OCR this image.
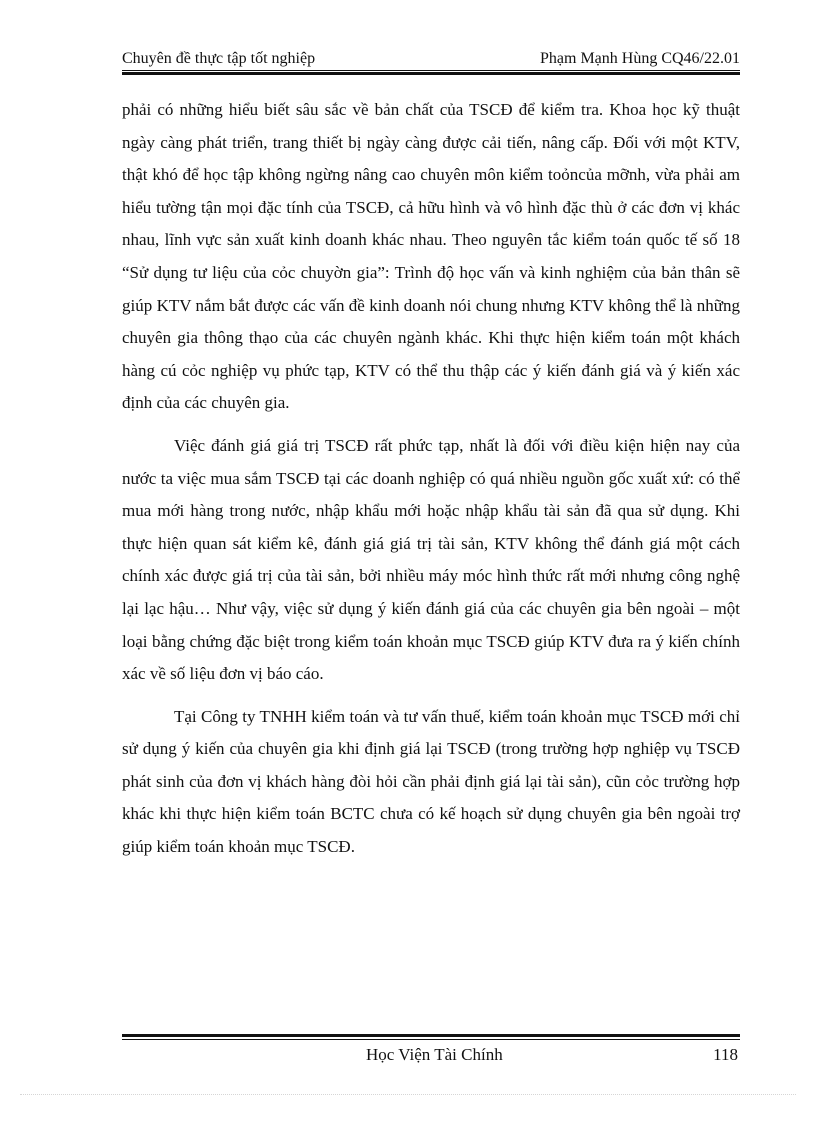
Chuyên đề thực tập tốt nghiệp	Phạm Mạnh Hùng CQ46/22.01

phải có những hiểu biết sâu sắc về bản chất của TSCĐ để kiểm tra. Khoa học kỹ thuật ngày càng phát triển, trang thiết bị ngày càng được cải tiến, nâng cấp. Đối với một KTV, thật khó để học tập không ngừng nâng cao chuyên môn kiểm toỏncủa mỡnh, vừa phải am hiểu tường tận mọi đặc tính của TSCĐ, cả hữu hình và vô hình đặc thù ở các đơn vị khác nhau, lĩnh vực sản xuất kinh doanh khác nhau. Theo nguyên tắc kiểm toán quốc tế số 18 “Sử dụng tư liệu của cỏc chuyờn gia”: Trình độ học vấn và kinh nghiệm của bản thân sẽ giúp KTV nắm bắt được các vấn đề kinh doanh nói chung nhưng KTV không thể là những chuyên gia thông thạo của các chuyên ngành khác. Khi thực hiện kiểm toán một khách hàng cú cỏc nghiệp vụ phức tạp, KTV có thể thu thập các ý kiến đánh giá và ý kiến xác định của các chuyên gia.

Việc đánh giá giá trị TSCĐ rất phức tạp, nhất là đối với điều kiện hiện nay của nước ta việc mua sắm TSCĐ tại các doanh nghiệp có quá nhiều nguồn gốc xuất xứ: có thể mua mới hàng trong nước, nhập khẩu mới hoặc nhập khẩu tài sản đã qua sử dụng. Khi thực hiện quan sát kiểm kê, đánh giá giá trị tài sản, KTV không thể đánh giá một cách chính xác được giá trị của tài sản, bởi nhiều máy móc hình thức rất mới nhưng công nghệ lại lạc hậu… Như vậy, việc sử dụng ý kiến đánh giá của các chuyên gia bên ngoài – một loại bằng chứng đặc biệt trong kiểm toán khoản mục TSCĐ giúp KTV đưa ra ý kiến chính xác về số liệu đơn vị báo cáo.

Tại Công ty TNHH kiểm toán và tư vấn thuế, kiểm toán khoản mục TSCĐ mới chỉ sử dụng ý kiến của chuyên gia khi định giá lại TSCĐ (trong trường hợp nghiệp vụ TSCĐ phát sinh của đơn vị khách hàng đòi hỏi cần phải định giá lại tài sản), cũn cỏc trường hợp khác khi thực hiện kiểm toán BCTC chưa có kế hoạch sử dụng chuyên gia bên ngoài trợ giúp kiểm toán khoản mục TSCĐ.

Học Viện Tài Chính	118
